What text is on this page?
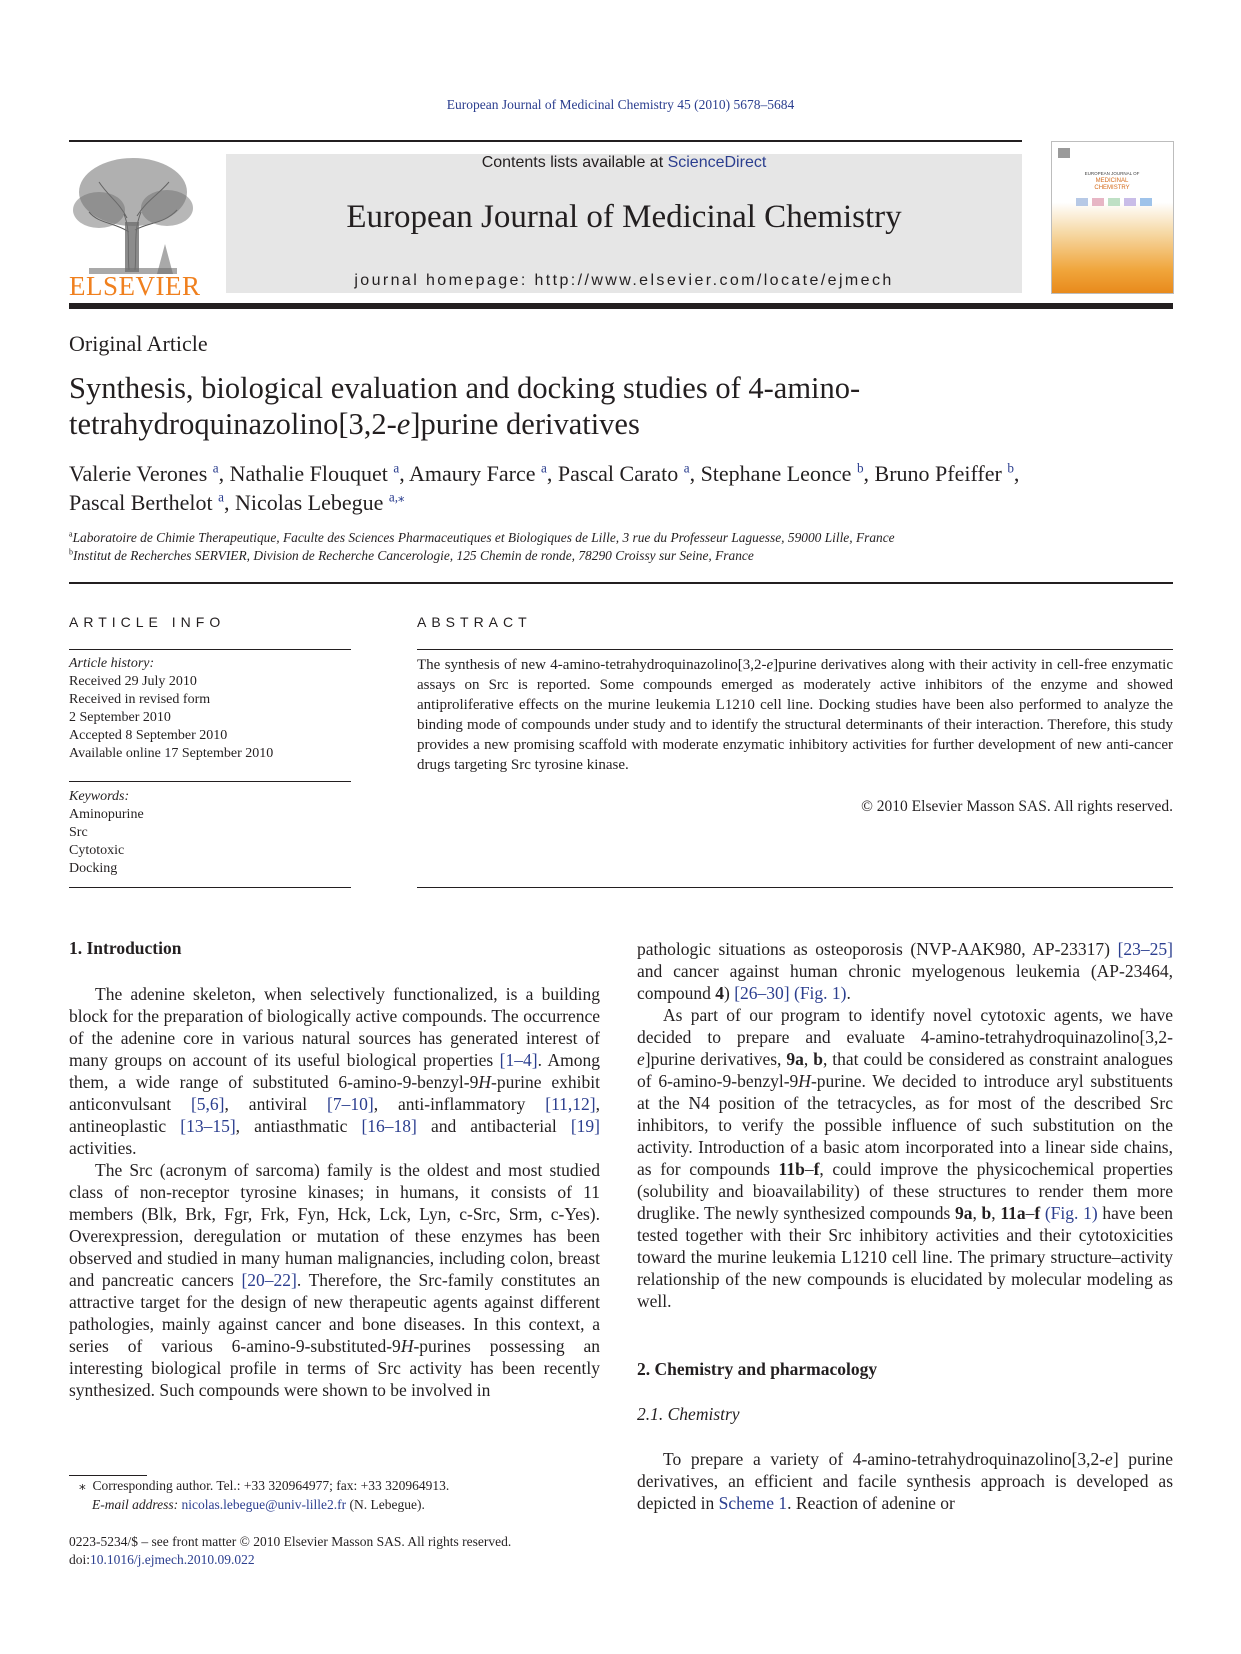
European Journal of Medicinal Chemistry 45 (2010) 5678–5684
ELSEVIER
Contents lists available at ScienceDirect
European Journal of Medicinal Chemistry
journal homepage: http://www.elsevier.com/locate/ejmech
EUROPEAN JOURNAL OF
MEDICINAL
CHEMISTRY
Original Article
Synthesis, biological evaluation and docking studies of 4-amino-
tetrahydroquinazolino[3,2-e]purine derivatives
Valerie Verones $^a$, Nathalie Flouquet $^a$, Amaury Farce $^a$, Pascal Carato $^a$, Stephane Leonce $^b$, Bruno Pfeiffer $^b$,
Pascal Berthelot $^a$, Nicolas Lebegue $^{a,⁎}$
$^a$Laboratoire de Chimie Therapeutique, Faculte des Sciences Pharmaceutiques et Biologiques de Lille, 3 rue du Professeur Laguesse, 59000 Lille, France
$^b$Institut de Recherches SERVIER, Division de Recherche Cancerologie, 125 Chemin de ronde, 78290 Croissy sur Seine, France
ARTICLE INFO	ABSTRACT
Article history:
Received 29 July 2010
Received in revised form
2 September 2010
Accepted 8 September 2010
Available online 17 September 2010
Keywords:
Aminopurine
Src
Cytotoxic
Docking
The synthesis of new 4-amino-tetrahydroquinazolino[3,2-e]purine derivatives along with their activity in cell-free enzymatic assays on Src is reported. Some compounds emerged as moderately active inhibitors of the enzyme and showed antiproliferative effects on the murine leukemia L1210 cell line. Docking studies have been also performed to analyze the binding mode of compounds under study and to identify the structural determinants of their interaction. Therefore, this study provides a new promising scaffold with moderate enzymatic inhibitory activities for further development of new anti-cancer drugs targeting Src tyrosine kinase.
© 2010 Elsevier Masson SAS. All rights reserved.
1. Introduction

The adenine skeleton, when selectively functionalized, is a building block for the preparation of biologically active compounds. The occurrence of the adenine core in various natural sources has generated interest of many groups on account of its useful biological properties [1–4]. Among them, a wide range of substituted 6-amino-9-benzyl-9H-purine exhibit anticonvulsant [5,6], antiviral [7–10], anti-inflammatory [11,12], antineoplastic [13–15], antiasthmatic [16–18] and antibacterial [19] activities.

The Src (acronym of sarcoma) family is the oldest and most studied class of non-receptor tyrosine kinases; in humans, it consists of 11 members (Blk, Brk, Fgr, Frk, Fyn, Hck, Lck, Lyn, c-Src, Srm, c-Yes). Overexpression, deregulation or mutation of these enzymes has been observed and studied in many human malignancies, including colon, breast and pancreatic cancers [20–22]. Therefore, the Src-family constitutes an attractive target for the design of new therapeutic agents against different pathologies, mainly against cancer and bone diseases. In this context, a series of various 6-amino-9-substituted-9H-purines possessing an interesting biological profile in terms of Src activity has been recently synthesized. Such compounds were shown to be involved in

pathologic situations as osteoporosis (NVP-AAK980, AP-23317) [23–25] and cancer against human chronic myelogenous leukemia (AP-23464, compound 4) [26–30] (Fig. 1).

As part of our program to identify novel cytotoxic agents, we have decided to prepare and evaluate 4-amino-tetrahydroquinazolino[3,2-e]purine derivatives, 9a, b, that could be considered as constraint analogues of 6-amino-9-benzyl-9H-purine. We decided to introduce aryl substituents at the N4 position of the tetracycles, as for most of the described Src inhibitors, to verify the possible influence of such substitution on the activity. Introduction of a basic atom incorporated into a linear side chains, as for compounds 11b–f, could improve the physicochemical properties (solubility and bioavailability) of these structures to render them more druglike. The newly synthesized compounds 9a, b, 11a–f (Fig. 1) have been tested together with their Src inhibitory activities and their cytotoxicities toward the murine leukemia L1210 cell line. The primary structure–activity relationship of the new compounds is elucidated by molecular modeling as well.

2. Chemistry and pharmacology
2.1. Chemistry

To prepare a variety of 4-amino-tetrahydroquinazolino[3,2-e] purine derivatives, an efficient and facile synthesis approach is developed as depicted in Scheme 1. Reaction of adenine or

⁎ Corresponding author. Tel.: +33 320964977; fax: +33 320964913.
E-mail address: nicolas.lebegue@univ-lille2.fr (N. Lebegue).
0223-5234/$ – see front matter © 2010 Elsevier Masson SAS. All rights reserved.
doi:10.1016/j.ejmech.2010.09.022
